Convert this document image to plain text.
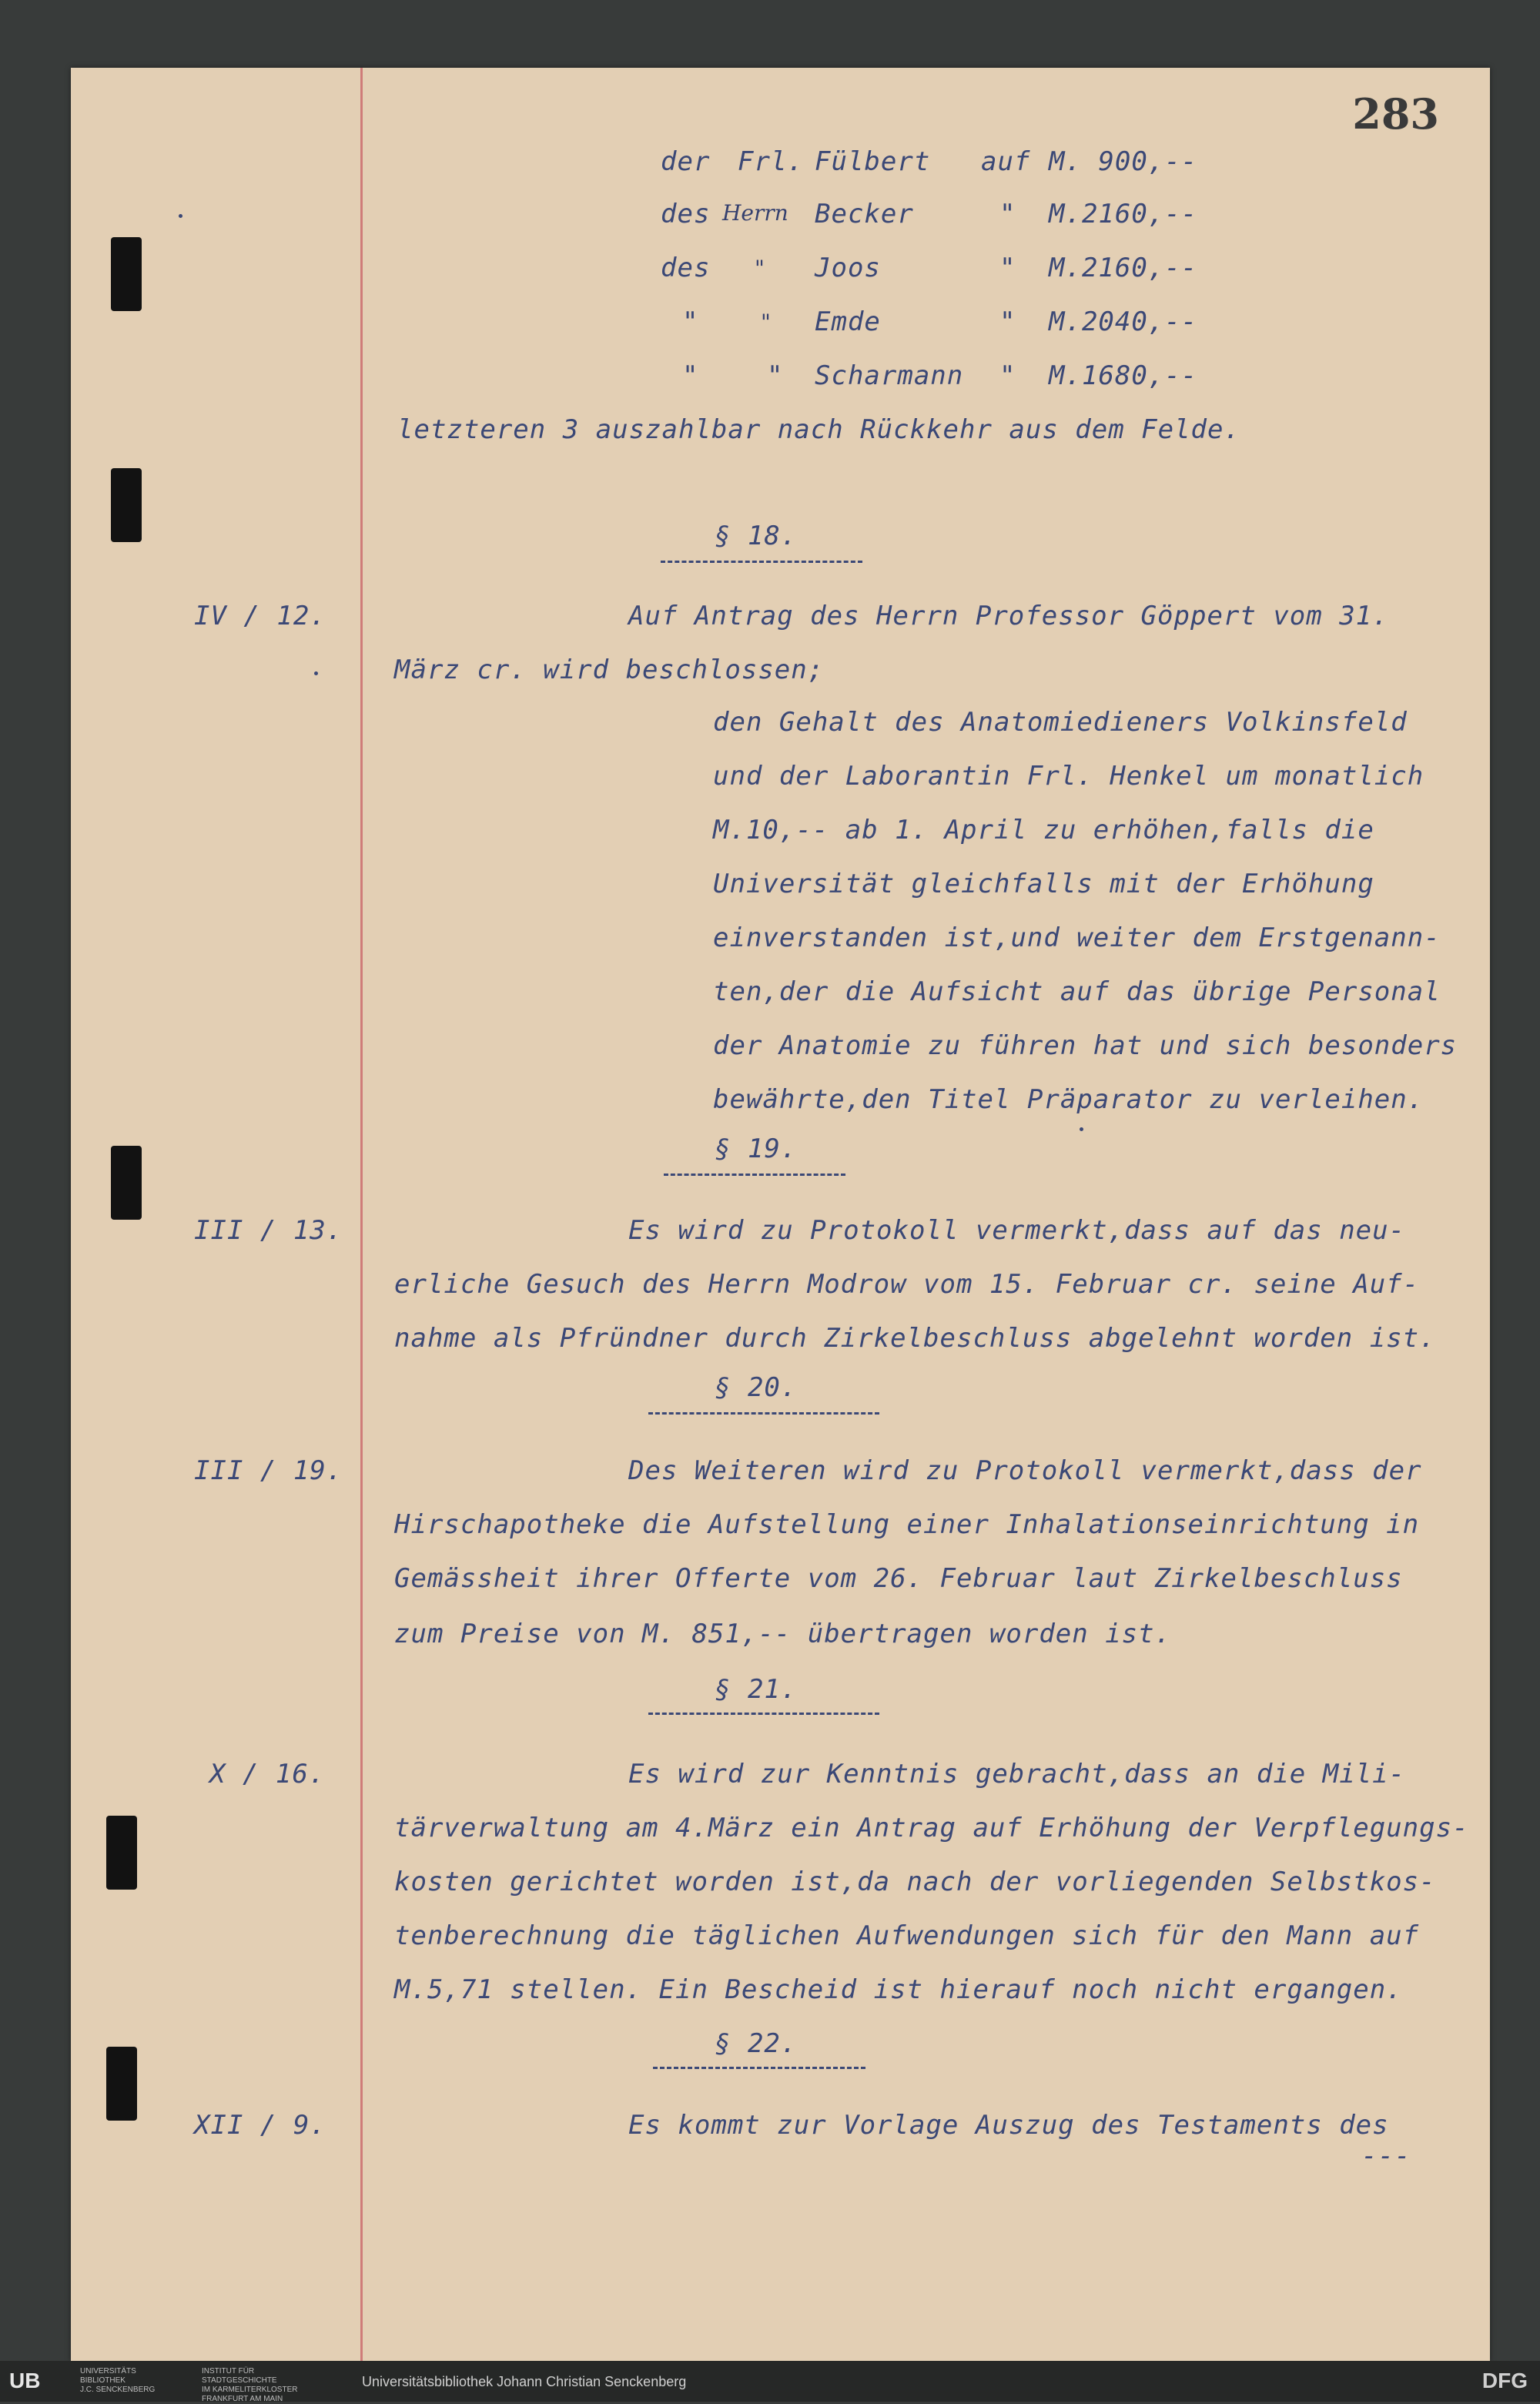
283
der Frl. Fülbert auf M. 900,--
des Herrn Becker	" M.2160,--
des " Joos	" M.2160,--
"	" Emde	" M.2040,--
"	" Scharmann " M.1680,--
letzteren 3 auszahlbar nach Rückkehr aus dem Felde.
§ 18.
IV / 12.	Auf Antrag des Herrn Professor Göppert vom 31.
März cr. wird beschlossen;
den Gehalt des Anatomiedieners Volkinsfeld
und der Laborantin Frl. Henkel um monatlich
M.10,-- ab 1. April zu erhöhen,falls die
Universität gleichfalls mit der Erhöhung
einverstanden ist,und weiter dem Erstgenann-
ten,der die Aufsicht auf das übrige Personal
der Anatomie zu führen hat und sich besonders
bewährte,den Titel Präparator zu verleihen.
§ 19.
III / 13.	Es wird zu Protokoll vermerkt,dass auf das neu-
erliche Gesuch des Herrn Modrow vom 15. Februar cr. seine Auf-
nahme als Pfründner durch Zirkelbeschluss abgelehnt worden ist.
§ 20.
III / 19.	Des Weiteren wird zu Protokoll vermerkt,dass der
Hirschapotheke die Aufstellung einer Inhalationseinrichtung in
Gemässheit ihrer Offerte vom 26. Februar laut Zirkelbeschluss
zum Preise von M. 851,-- übertragen worden ist.
§ 21.
X / 16.	Es wird zur Kenntnis gebracht,dass an die Mili-
tärverwaltung am 4.März ein Antrag auf Erhöhung der Verpflegungs-
kosten gerichtet worden ist,da nach der vorliegenden Selbstkos-
tenberechnung die täglichen Aufwendungen sich für den Mann auf
M.5,71 stellen. Ein Bescheid ist hierauf noch nicht ergangen.
§ 22.
XII / 9.	Es kommt zur Vorlage Auszug des Testaments des
---
UB	UNIVERSITÄTS
BIBLIOTHEK
J.C. SENCKENBERG
INSTITUT FÜR
STADTGESCHICHTE
IM KARMELITERKLOSTER
FRANKFURT AM MAIN
Universitätsbibliothek Johann Christian Senckenberg	DFG
